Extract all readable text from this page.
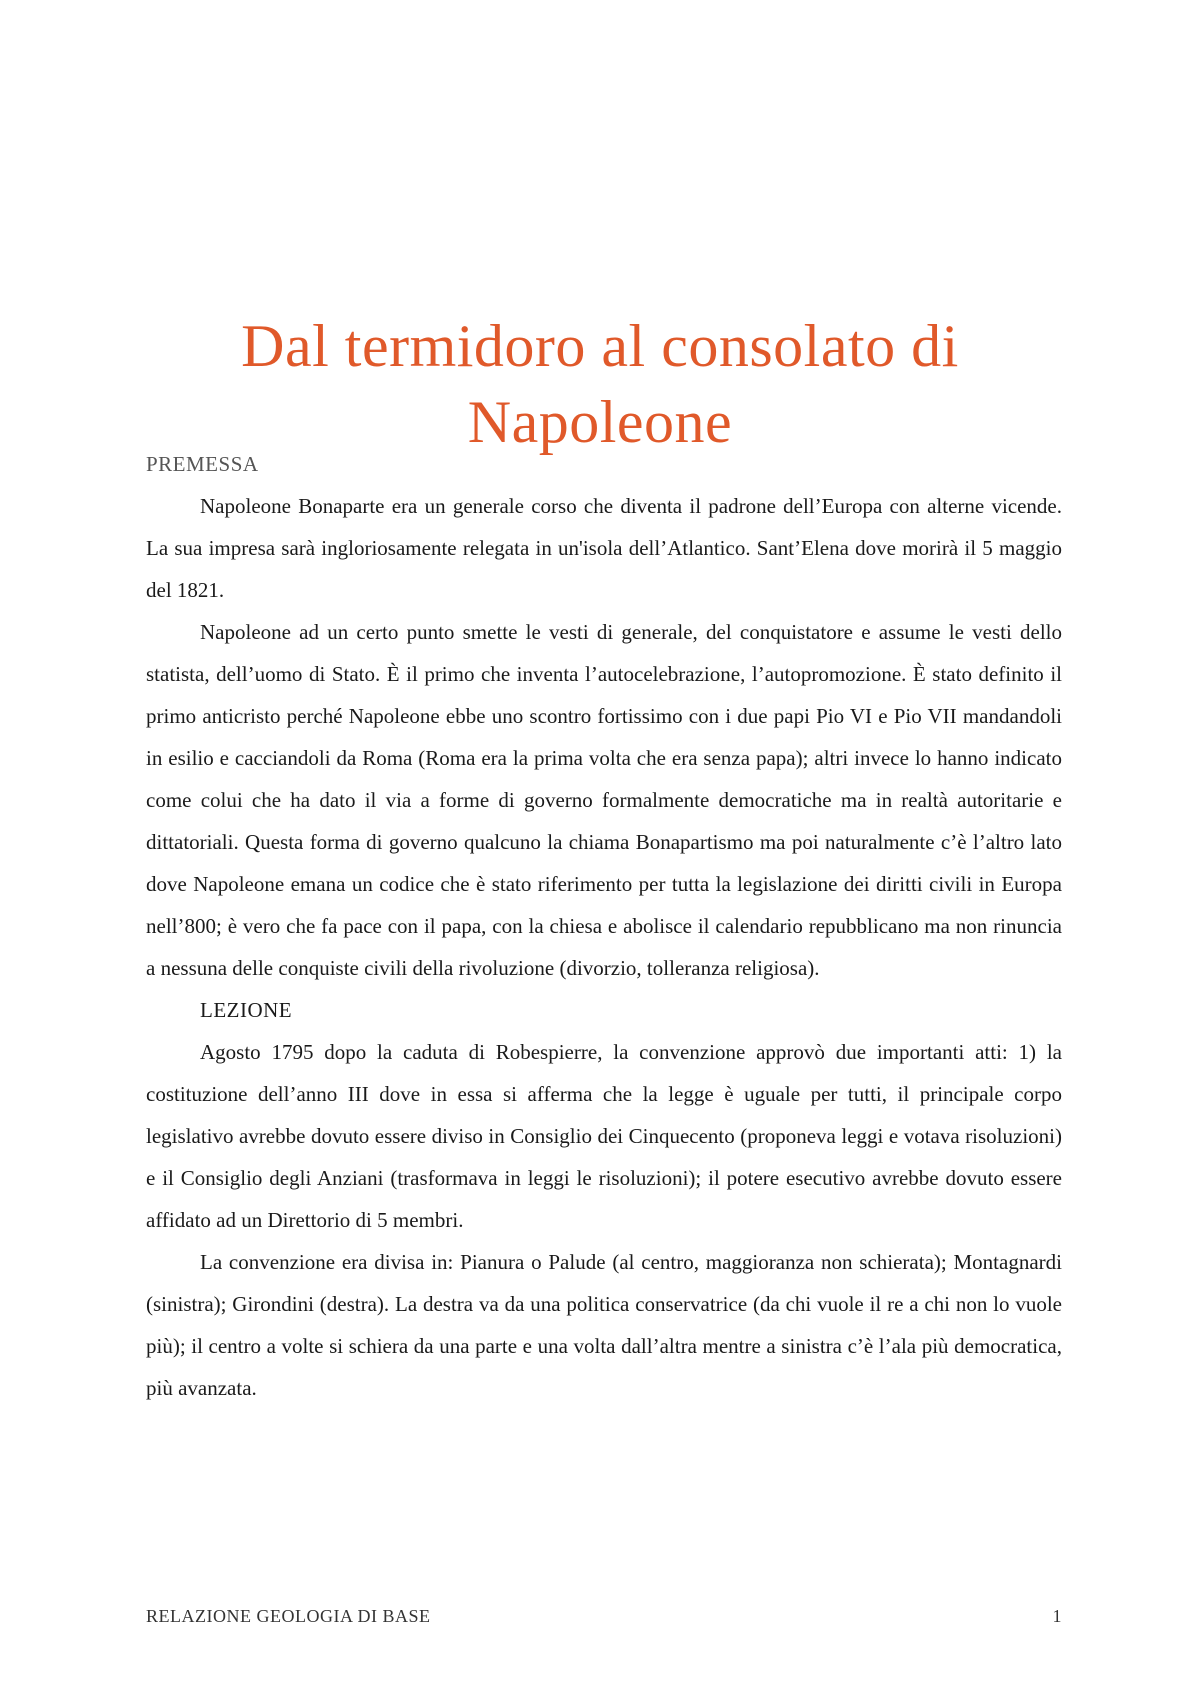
Dal termidoro al consolato di Napoleone

PREMESSA

Napoleone Bonaparte era un generale corso che diventa il padrone dell’Europa con alterne vicende. La sua impresa sarà ingloriosamente relegata in un'isola dell’Atlantico. Sant’Elena dove morirà il 5 maggio del 1821.

Napoleone ad un certo punto smette le vesti di generale, del conquistatore e assume le vesti dello statista, dell’uomo di Stato. È il primo che inventa l’autocelebrazione, l’autopromozione. È stato definito il primo anticristo perché Napoleone ebbe uno scontro fortissimo con i due papi Pio VI e Pio VII mandandoli in esilio e cacciandoli da Roma (Roma era la prima volta che era senza papa); altri invece lo hanno indicato come colui che ha dato il via a forme di governo formalmente democratiche ma in realtà autoritarie e dittatoriali. Questa forma di governo qualcuno la chiama Bonapartismo ma poi naturalmente c’è l’altro lato dove Napoleone emana un codice che è stato riferimento per tutta la legislazione dei diritti civili in Europa nell’800; è vero che fa pace con il papa, con la chiesa e abolisce il calendario repubblicano ma non rinuncia a nessuna delle conquiste civili della rivoluzione (divorzio, tolleranza religiosa).

LEZIONE

Agosto 1795 dopo la caduta di Robespierre, la convenzione approvò due importanti atti: 1) la costituzione dell’anno III dove in essa si afferma che la legge è uguale per tutti, il principale corpo legislativo avrebbe dovuto essere diviso in Consiglio dei Cinquecento (proponeva leggi e votava risoluzioni) e il Consiglio degli Anziani (trasformava in leggi le risoluzioni); il potere esecutivo avrebbe dovuto essere affidato ad un Direttorio di 5 membri.

La convenzione era divisa in: Pianura o Palude (al centro, maggioranza non schierata); Montagnardi (sinistra); Girondini (destra). La destra va da una politica conservatrice (da chi vuole il re a chi non lo vuole più); il centro a volte si schiera da una parte e una volta dall’altra mentre a sinistra c’è l’ala più democratica, più avanzata.

RELAZIONE GEOLOGIA DI BASE	1
